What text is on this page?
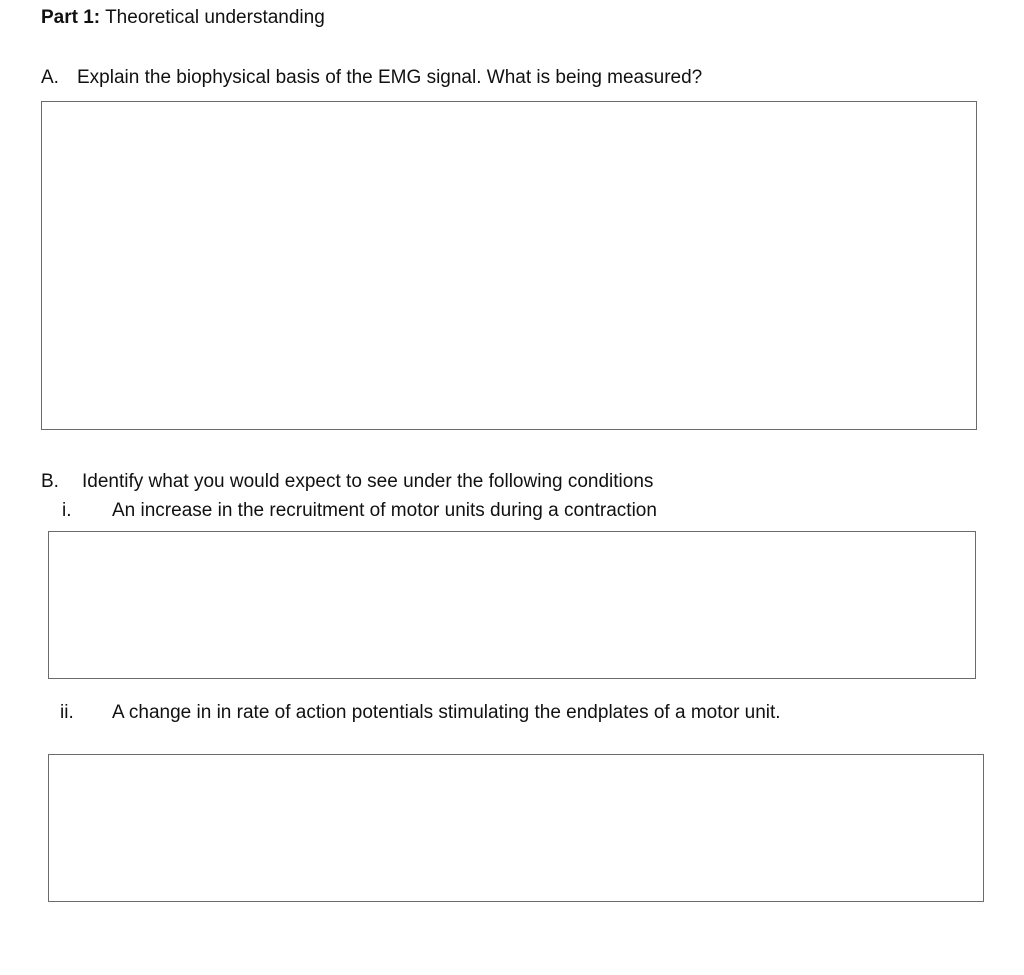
Part 1: Theoretical understanding
A. Explain the biophysical basis of the EMG signal. What is being measured?
B. Identify what you would expect to see under the following conditions
i. An increase in the recruitment of motor units during a contraction
ii. A change in in rate of action potentials stimulating the endplates of a motor unit.
